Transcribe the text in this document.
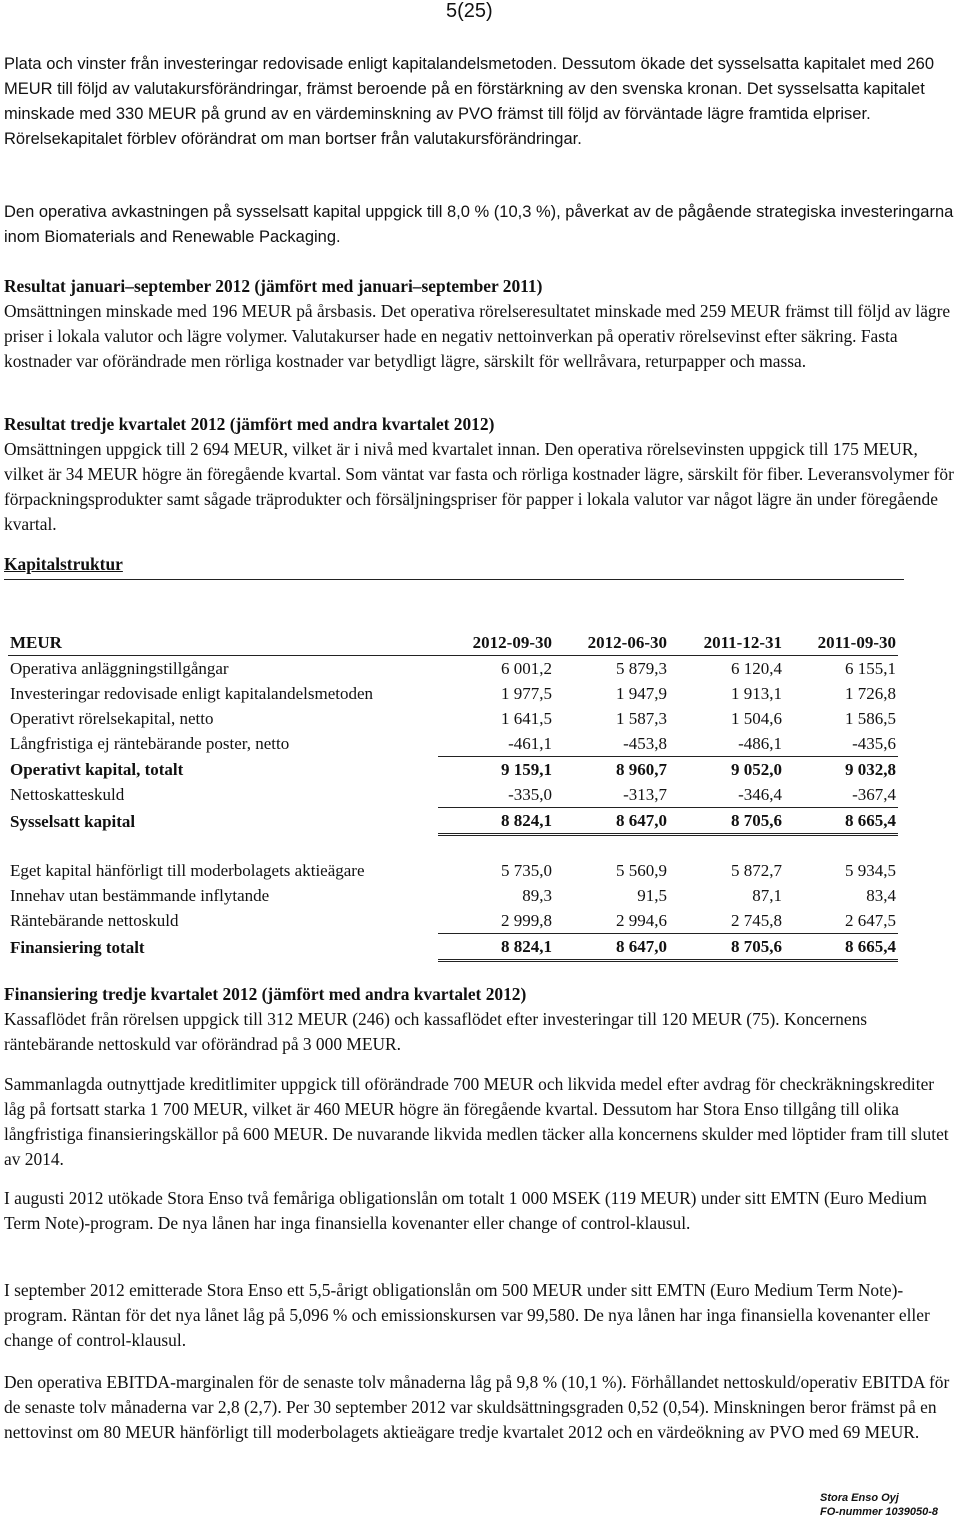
5(25)

Plata och vinster från investeringar redovisade enligt kapitalandelsmetoden. Dessutom ökade det sysselsatta kapitalet med 260 MEUR till följd av valutakursförändringar, främst beroende på en förstärkning av den svenska kronan. Det sysselsatta kapitalet minskade med 330 MEUR på grund av en värdeminskning av PVO främst till följd av förväntade lägre framtida elpriser. Rörelsekapitalet förblev oförändrat om man bortser från valutakursförändringar.

Den operativa avkastningen på sysselsatt kapital uppgick till 8,0 % (10,3 %), påverkat av de pågående strategiska investeringarna inom Biomaterials and Renewable Packaging.

Resultat januari–september 2012 (jämfört med januari–september 2011)

Omsättningen minskade med 196 MEUR på årsbasis. Det operativa rörelseresultatet minskade med 259 MEUR främst till följd av lägre priser i lokala valutor och lägre volymer. Valutakurser hade en negativ nettoinverkan på operativ rörelsevinst efter säkring. Fasta kostnader var oförändrade men rörliga kostnader var betydligt lägre, särskilt för wellråvara, returpapper och massa.

Resultat tredje kvartalet 2012 (jämfört med andra kvartalet 2012)

Omsättningen uppgick till 2 694 MEUR, vilket är i nivå med kvartalet innan. Den operativa rörelsevinsten uppgick till 175 MEUR, vilket är 34 MEUR högre än föregående kvartal. Som väntat var fasta och rörliga kostnader lägre, särskilt för fiber. Leveransvolymer för förpackningsprodukter samt sågade träprodukter och försäljningspriser för papper i lokala valutor var något lägre än under föregående kvartal.

Kapitalstruktur
MEUR	2012-09-30	2012-06-30	2011-12-31	2011-09-30
Operativa anläggningstillgångar	6 001,2	5 879,3	6 120,4	6 155,1
Investeringar redovisade enligt kapitalandelsmetoden	1 977,5	1 947,9	1 913,1	1 726,8
Operativt rörelsekapital, netto	1 641,5	1 587,3	1 504,6	1 586,5
Långfristiga ej räntebärande poster, netto	-461,1	-453,8	-486,1	-435,6
Operativt kapital, totalt	9 159,1	8 960,7	9 052,0	9 032,8
Nettoskatteskuld	-335,0	-313,7	-346,4	-367,4
Sysselsatt kapital	8 824,1	8 647,0	8 705,6	8 665,4
Eget kapital hänförligt till moderbolagets aktieägare	5 735,0	5 560,9	5 872,7	5 934,5
Innehav utan bestämmande inflytande	89,3	91,5	87,1	83,4
Räntebärande nettoskuld	2 999,8	2 994,6	2 745,8	2 647,5
Finansiering totalt	8 824,1	8 647,0	8 705,6	8 665,4

Finansiering tredje kvartalet 2012 (jämfört med andra kvartalet 2012)

Kassaflödet från rörelsen uppgick till 312 MEUR (246) och kassaflödet efter investeringar till 120 MEUR (75). Koncernens räntebärande nettoskuld var oförändrad på 3 000 MEUR.

Sammanlagda outnyttjade kreditlimiter uppgick till oförändrade 700 MEUR och likvida medel efter avdrag för checkräkningskrediter låg på fortsatt starka 1 700 MEUR, vilket är 460 MEUR högre än föregående kvartal. Dessutom har Stora Enso tillgång till olika långfristiga finansieringskällor på 600 MEUR. De nuvarande likvida medlen täcker alla koncernens skulder med löptider fram till slutet av 2014.

I augusti 2012 utökade Stora Enso två femåriga obligationslån om totalt 1 000 MSEK (119 MEUR) under sitt EMTN (Euro Medium Term Note)-program. De nya lånen har inga finansiella kovenanter eller change of control-klausul.

I september 2012 emitterade Stora Enso ett 5,5-årigt obligationslån om 500 MEUR under sitt EMTN (Euro Medium Term Note)-program. Räntan för det nya lånet låg på 5,096 % och emissionskursen var 99,580. De nya lånen har inga finansiella kovenanter eller change of control-klausul.

Den operativa EBITDA-marginalen för de senaste tolv månaderna låg på 9,8 % (10,1 %). Förhållandet nettoskuld/operativ EBITDA för de senaste tolv månaderna var 2,8 (2,7). Per 30 september 2012 var skuldsättningsgraden 0,52 (0,54). Minskningen beror främst på en nettovinst om 80 MEUR hänförligt till moderbolagets aktieägare tredje kvartalet 2012 och en värdeökning av PVO med 69 MEUR.

Stora Enso Oyj
FO-nummer 1039050-8
